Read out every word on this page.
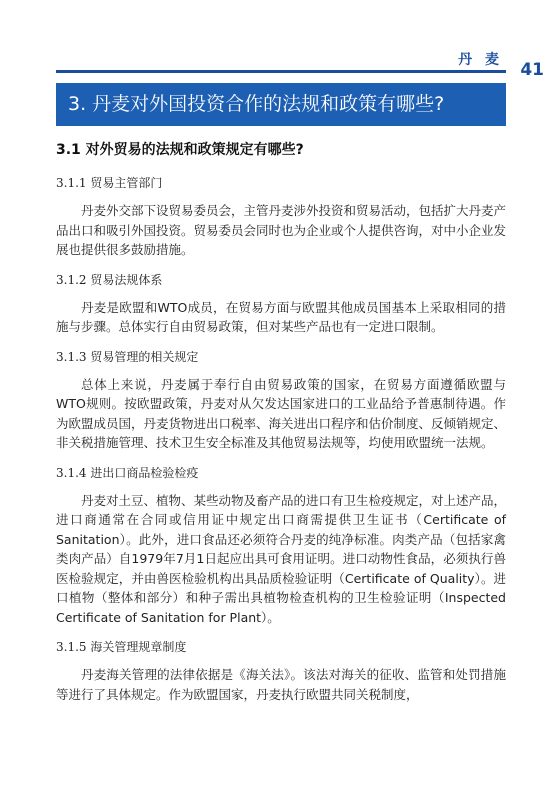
丹 麦 41
3. 丹麦对外国投资合作的法规和政策有哪些?
3.1 对外贸易的法规和政策规定有哪些?
3.1.1 贸易主管部门

丹麦外交部下设贸易委员会，主管丹麦涉外投资和贸易活动，包括扩大丹麦产品出口和吸引外国投资。贸易委员会同时也为企业或个人提供咨询，对中小企业发展也提供很多鼓励措施。

3.1.2 贸易法规体系

丹麦是欧盟和WTO成员，在贸易方面与欧盟其他成员国基本上采取相同的措施与步骤。总体实行自由贸易政策，但对某些产品也有一定进口限制。

3.1.3 贸易管理的相关规定

总体上来说，丹麦属于奉行自由贸易政策的国家，在贸易方面遵循欧盟与WTO规则。按欧盟政策，丹麦对从欠发达国家进口的工业品给予普惠制待遇。作为欧盟成员国，丹麦货物进出口税率、海关进出口程序和估价制度、反倾销规定、非关税措施管理、技术卫生安全标准及其他贸易法规等，均使用欧盟统一法规。

3.1.4 进出口商品检验检疫

丹麦对土豆、植物、某些动物及畜产品的进口有卫生检疫规定，对上述产品，进口商通常在合同或信用证中规定出口商需提供卫生证书（Certificate of Sanitation）。此外，进口食品还必须符合丹麦的纯净标准。肉类产品（包括家禽类肉产品）自1979年7月1日起应出具可食用证明。进口动物性食品，必须执行兽医检验规定，并由兽医检验机构出具品质检验证明（Certificate of Quality）。进口植物（整体和部分）和种子需出具植物检查机构的卫生检验证明（Inspected Certificate of Sanitation for Plant）。

3.1.5 海关管理规章制度

丹麦海关管理的法律依据是《海关法》。该法对海关的征收、监管和处罚措施等进行了具体规定。作为欧盟国家，丹麦执行欧盟共同关税制度，
